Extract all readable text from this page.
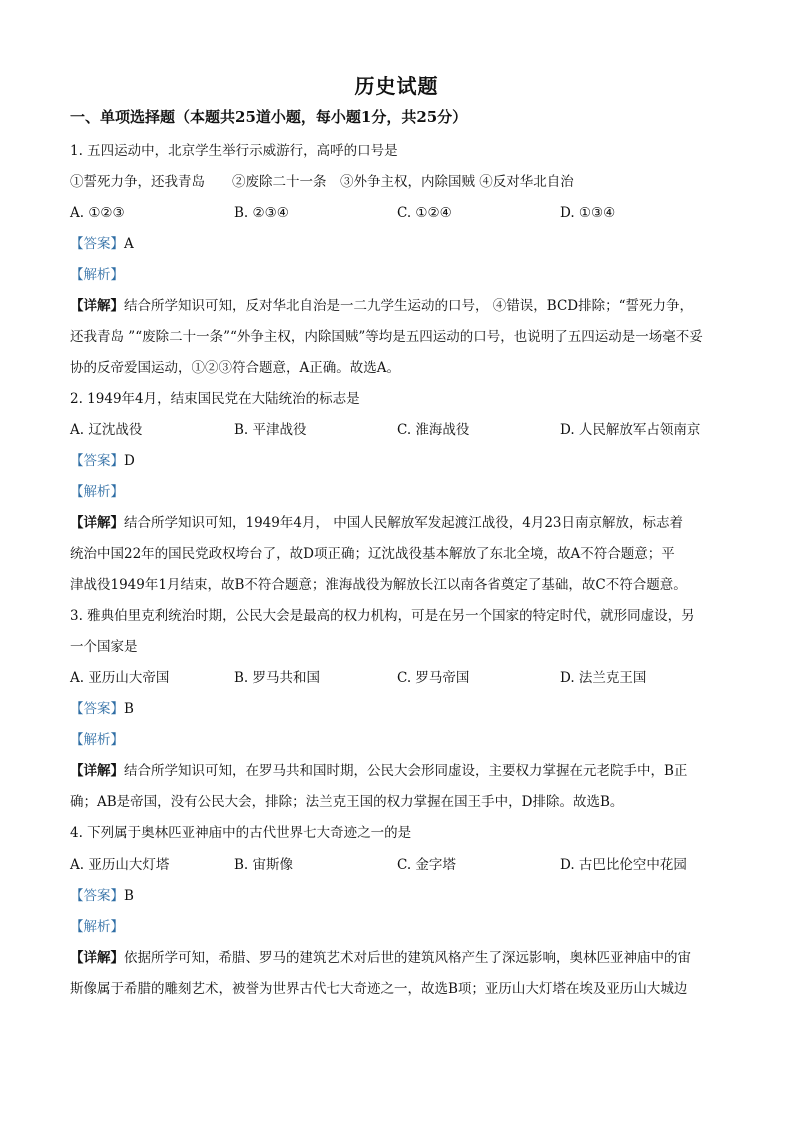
历史试题
一、单项选择题（本题共25道小题，每小题1分，共25分）
1. 五四运动中，北京学生举行示威游行，高呼的口号是
①誓死力争，还我青岛　　②废除二十一条　③外争主权，内除国贼 ④反对华北自治
A. ①②③	B. ②③④	C. ①②④	D. ①③④
【答案】A
【解析】
【详解】结合所学知识可知，反对华北自治是一二九学生运动的口号， ④错误，BCD排除；“誓死力争，
还我青岛 ”“废除二十一条”“外争主权，内除国贼”等均是五四运动的口号，也说明了五四运动是一场毫不妥
协的反帝爱国运动，①②③符合题意，A正确。故选A。
2. 1949年4月，结束国民党在大陆统治的标志是
A. 辽沈战役	B. 平津战役	C. 淮海战役	D. 人民解放军占领南京
【答案】D
【解析】
【详解】结合所学知识可知，1949年4月， 中国人民解放军发起渡江战役，4月23日南京解放，标志着
统治中国22年的国民党政权垮台了，故D项正确；辽沈战役基本解放了东北全境，故A不符合题意；平
津战役1949年1月结束，故B不符合题意；淮海战役为解放长江以南各省奠定了基础，故C不符合题意。
3. 雅典伯里克利统治时期，公民大会是最高的权力机构，可是在另一个国家的特定时代，就形同虚设，另
一个国家是
A. 亚历山大帝国	B. 罗马共和国	C. 罗马帝国	D. 法兰克王国
【答案】B
【解析】
【详解】结合所学知识可知，在罗马共和国时期，公民大会形同虚设，主要权力掌握在元老院手中，B正
确；AB是帝国，没有公民大会，排除；法兰克王国的权力掌握在国王手中，D排除。故选B。
4. 下列属于奥林匹亚神庙中的古代世界七大奇迹之一的是
A. 亚历山大灯塔	B. 宙斯像	C. 金字塔	D. 古巴比伦空中花园
【答案】B
【解析】
【详解】依据所学可知，希腊、罗马的建筑艺术对后世的建筑风格产生了深远影响，奥林匹亚神庙中的宙
斯像属于希腊的雕刻艺术，被誉为世界古代七大奇迹之一，故选B项；亚历山大灯塔在埃及亚历山大城边
